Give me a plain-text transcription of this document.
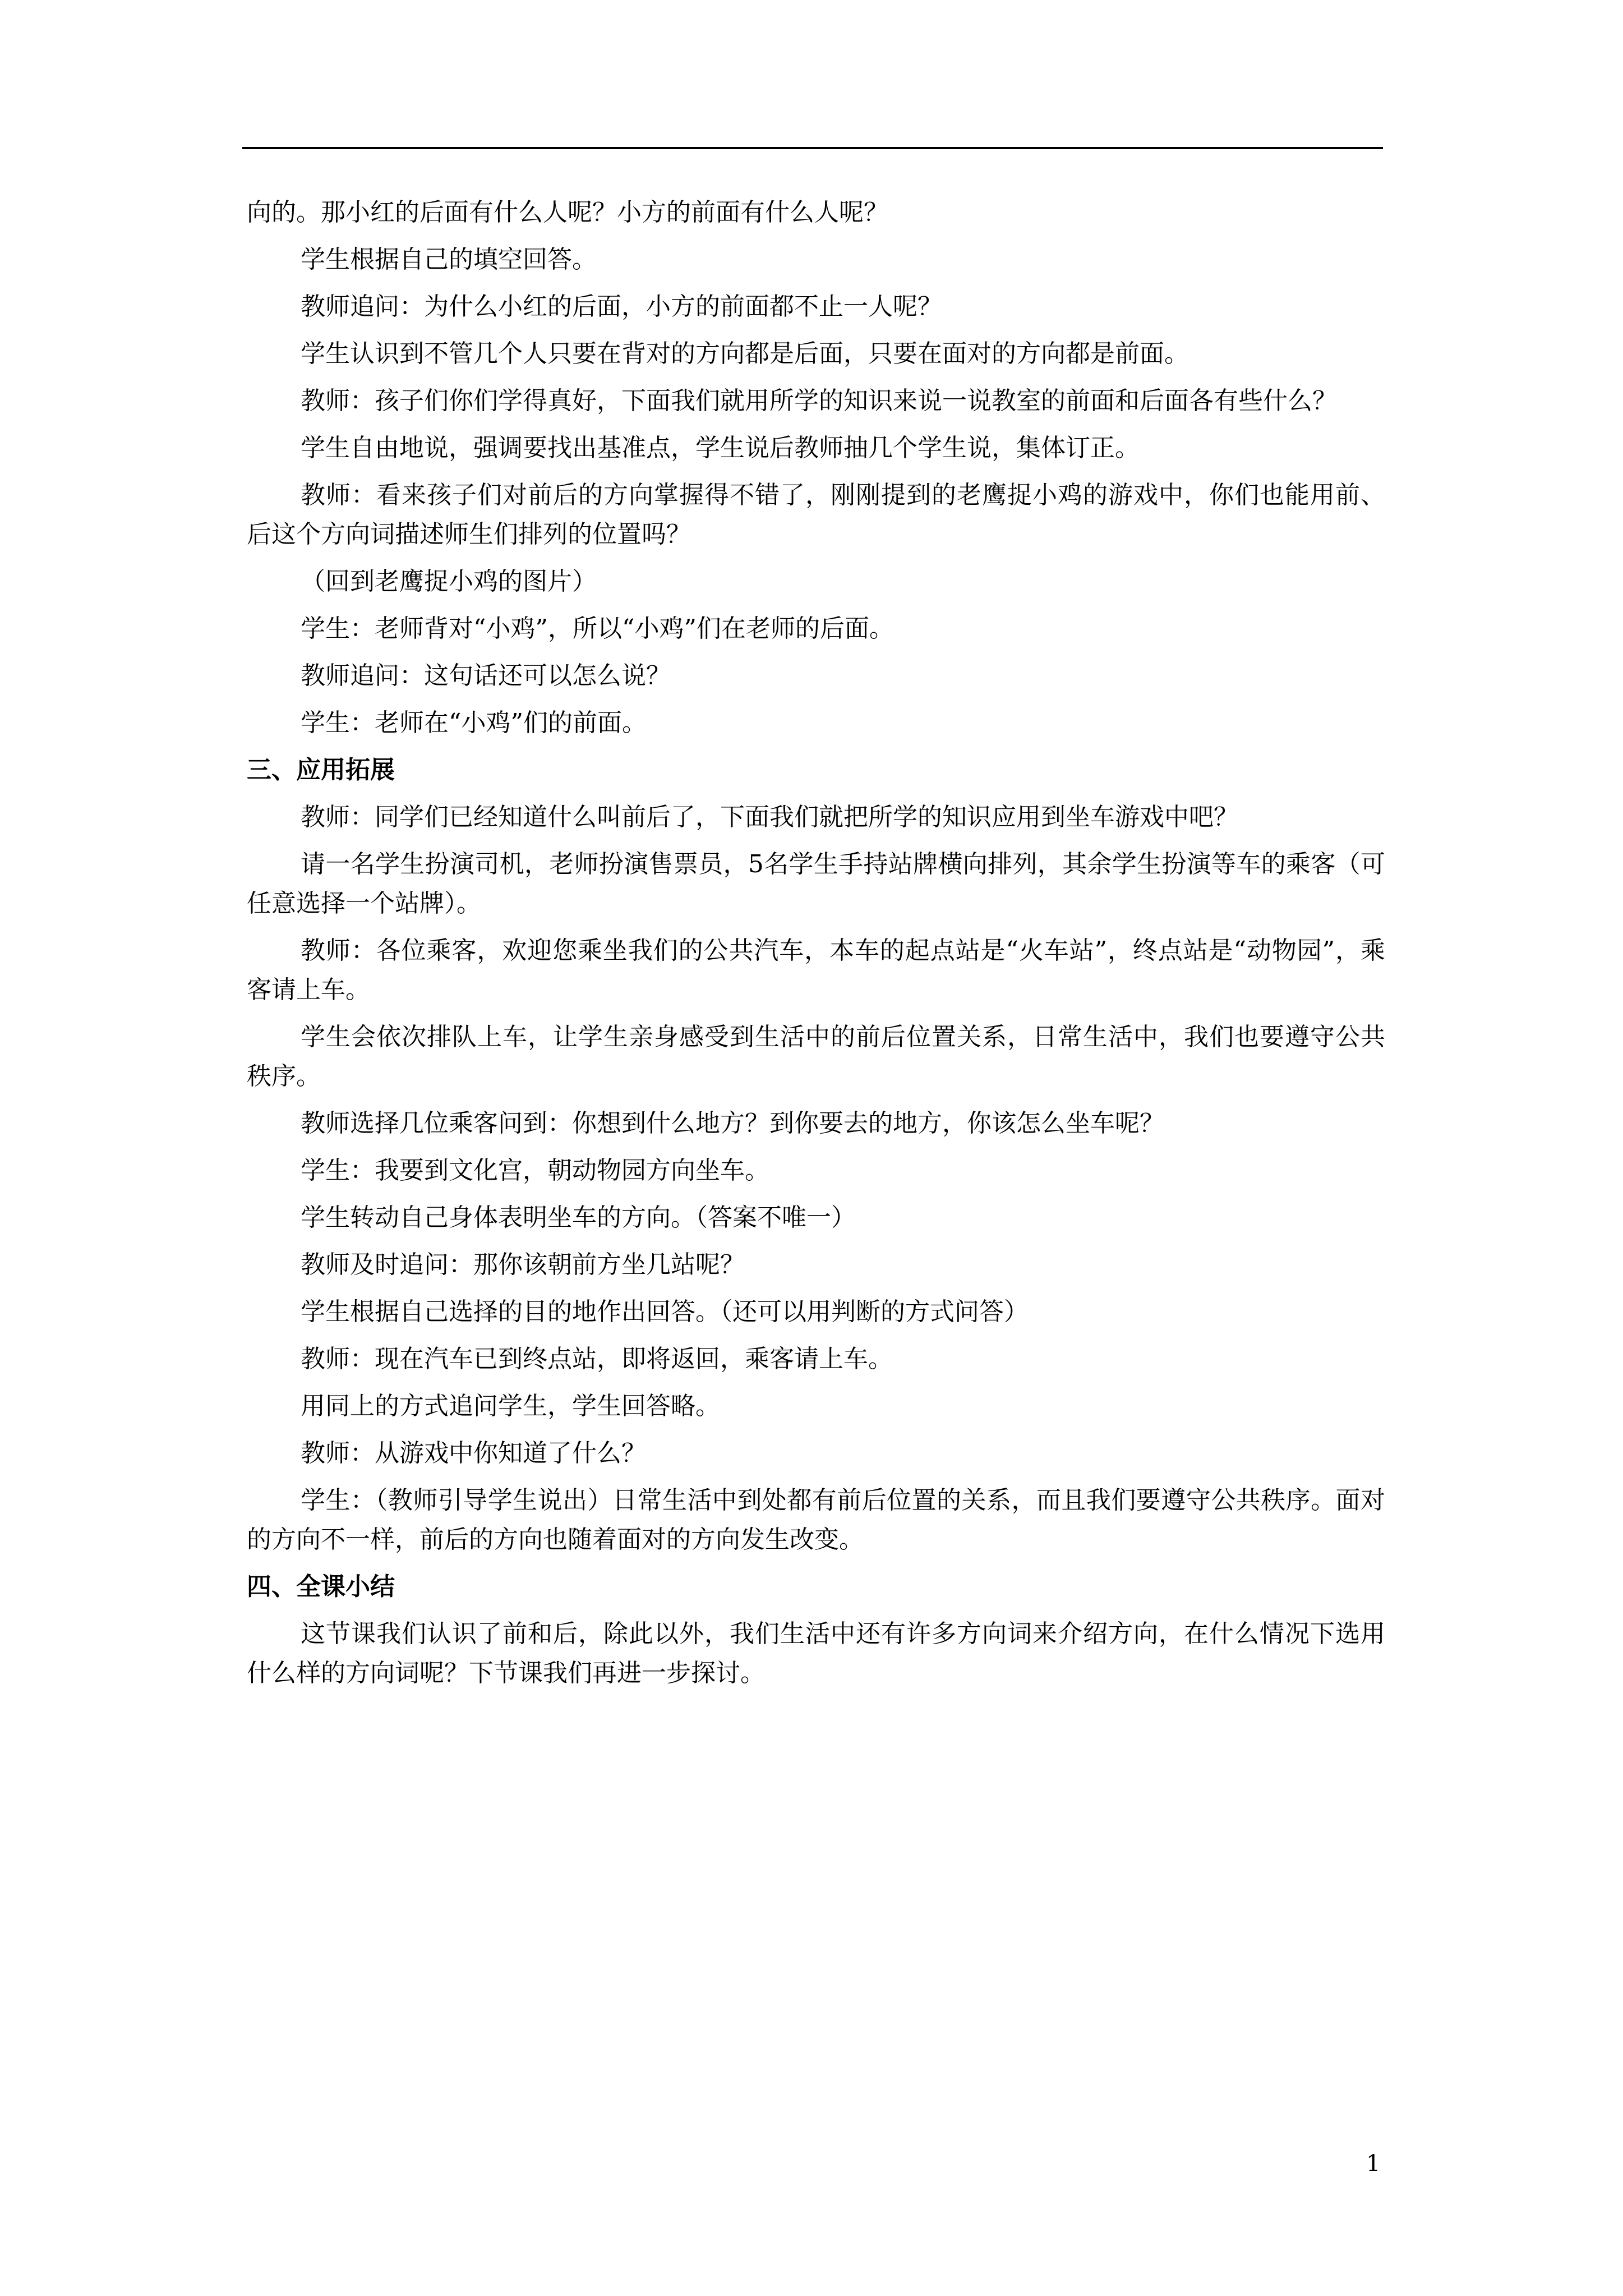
向的。那小红的后面有什么人呢？小方的前面有什么人呢？

学生根据自己的填空回答。

教师追问：为什么小红的后面，小方的前面都不止一人呢？

学生认识到不管几个人只要在背对的方向都是后面，只要在面对的方向都是前面。

教师：孩子们你们学得真好，下面我们就用所学的知识来说一说教室的前面和后面各有些什么？

学生自由地说，强调要找出基准点，学生说后教师抽几个学生说，集体订正。

教师：看来孩子们对前后的方向掌握得不错了，刚刚提到的老鹰捉小鸡的游戏中，你们也能用前、后这个方向词描述师生们排列的位置吗？

（回到老鹰捉小鸡的图片）

学生：老师背对“小鸡”，所以“小鸡”们在老师的后面。

教师追问：这句话还可以怎么说？

学生：老师在“小鸡”们的前面。

三、应用拓展

教师：同学们已经知道什么叫前后了，下面我们就把所学的知识应用到坐车游戏中吧？

请一名学生扮演司机，老师扮演售票员，5名学生手持站牌横向排列，其余学生扮演等车的乘客（可任意选择一个站牌）。

教师：各位乘客，欢迎您乘坐我们的公共汽车，本车的起点站是“火车站”，终点站是“动物园”，乘客请上车。

学生会依次排队上车，让学生亲身感受到生活中的前后位置关系，日常生活中，我们也要遵守公共秩序。

教师选择几位乘客问到：你想到什么地方？到你要去的地方，你该怎么坐车呢？

学生：我要到文化宫，朝动物园方向坐车。

学生转动自己身体表明坐车的方向。（答案不唯一）

教师及时追问：那你该朝前方坐几站呢？

学生根据自己选择的目的地作出回答。（还可以用判断的方式问答）

教师：现在汽车已到终点站，即将返回，乘客请上车。

用同上的方式追问学生，学生回答略。

教师：从游戏中你知道了什么？

学生：（教师引导学生说出）日常生活中到处都有前后位置的关系，而且我们要遵守公共秩序。面对的方向不一样，前后的方向也随着面对的方向发生改变。

四、全课小结

这节课我们认识了前和后，除此以外，我们生活中还有许多方向词来介绍方向，在什么情况下选用什么样的方向词呢？下节课我们再进一步探讨。

1
